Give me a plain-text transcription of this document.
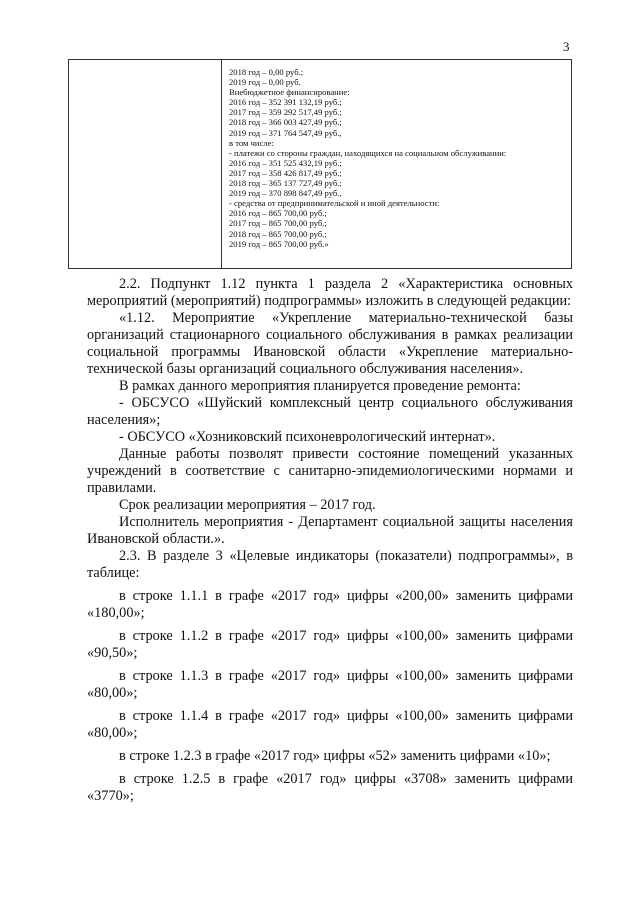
3
2018 год – 0,00 руб.;
2019 год – 0,00 руб.
Внебюджетное финансирование:
2016 год – 352 391 132,19 руб.;
2017 год – 359 292 517,49 руб.;
2018 год – 366 003 427,49 руб.;
2019 год – 371 764 547,49 руб.,
в том числе:
- платежи со стороны граждан, находящихся на социальном обслуживании:
2016 год – 351 525 432,19 руб.;
2017 год – 358 426 817,49 руб.;
2018 год – 365 137 727,49 руб.;
2019 год – 370 898 847,49 руб.,
- средства от предпринимательской и иной деятельности:
2016 год – 865 700,00 руб.;
2017 год – 865 700,00 руб.;
2018 год – 865 700,00 руб.;
2019 год – 865 700,00 руб.»

2.2. Подпункт 1.12 пункта 1 раздела 2 «Характеристика основных мероприятий (мероприятий) подпрограммы» изложить в следующей редакции:

«1.12. Мероприятие «Укрепление материально-технической базы организаций стационарного социального обслуживания в рамках реализации социальной программы Ивановской области «Укрепление материально-технической базы организаций социального обслуживания населения».

В рамках данного мероприятия планируется проведение ремонта:

- ОБСУСО «Шуйский комплексный центр социального обслуживания населения»;

- ОБСУСО «Хозниковский психоневрологический интернат».

Данные работы позволят привести состояние помещений указанных учреждений в соответствие с санитарно-эпидемиологическими нормами и правилами.

Срок реализации мероприятия – 2017 год.

Исполнитель мероприятия - Департамент социальной защиты населения Ивановской области.».

2.3. В разделе 3 «Целевые индикаторы (показатели) подпрограммы», в таблице:

в строке 1.1.1 в графе «2017 год» цифры «200,00» заменить цифрами «180,00»;

в строке 1.1.2 в графе «2017 год» цифры «100,00» заменить цифрами «90,50»;

в строке 1.1.3 в графе «2017 год» цифры «100,00» заменить цифрами «80,00»;

в строке 1.1.4 в графе «2017 год» цифры «100,00» заменить цифрами «80,00»;

в строке 1.2.3 в графе «2017 год» цифры «52» заменить цифрами «10»;

в строке 1.2.5 в графе «2017 год» цифры «3708» заменить цифрами «3770»;
